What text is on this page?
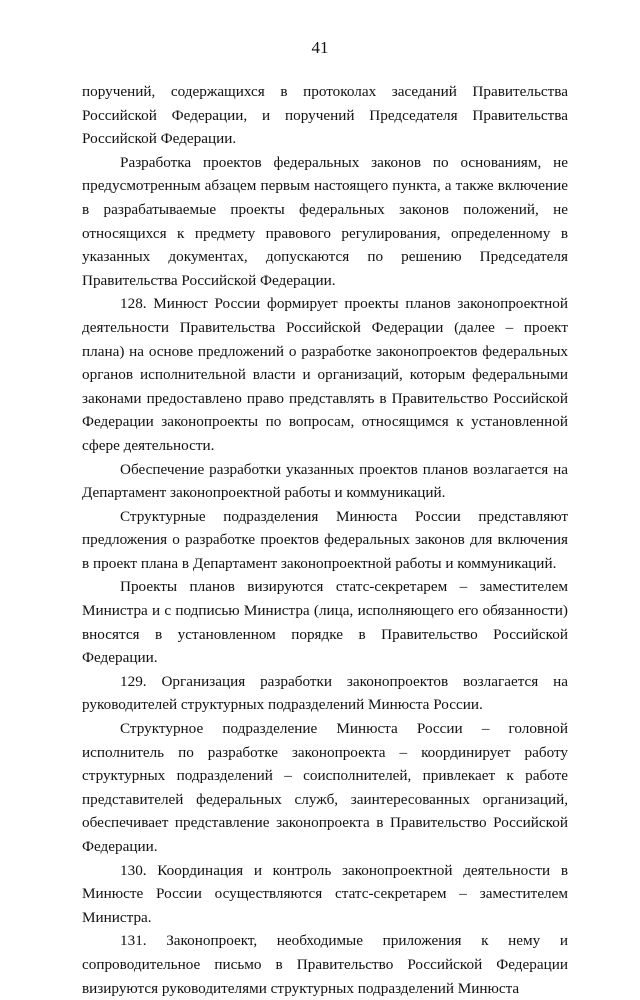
41

поручений, содержащихся в протоколах заседаний Правительства Российской Федерации, и поручений Председателя Правительства Российской Федерации.

Разработка проектов федеральных законов по основаниям, не предусмотренным абзацем первым настоящего пункта, а также включение в разрабатываемые проекты федеральных законов положений, не относящихся к предмету правового регулирования, определенному в указанных документах, допускаются по решению Председателя Правительства Российской Федерации.

128. Минюст России формирует проекты планов законопроектной деятельности Правительства Российской Федерации (далее – проект плана) на основе предложений о разработке законопроектов федеральных органов исполнительной власти и организаций, которым федеральными законами предоставлено право представлять в Правительство Российской Федерации законопроекты по вопросам, относящимся к установленной сфере деятельности.

Обеспечение разработки указанных проектов планов возлагается на Департамент законопроектной работы и коммуникаций.

Структурные подразделения Минюста России представляют предложения о разработке проектов федеральных законов для включения в проект плана в Департамент законопроектной работы и коммуникаций.

Проекты планов визируются статс-секретарем – заместителем Министра и с подписью Министра (лица, исполняющего его обязанности) вносятся в установленном порядке в Правительство Российской Федерации.

129. Организация разработки законопроектов возлагается на руководителей структурных подразделений Минюста России.

Структурное подразделение Минюста России – головной исполнитель по разработке законопроекта – координирует работу структурных подразделений – соисполнителей, привлекает к работе представителей федеральных служб, заинтересованных организаций, обеспечивает представление законопроекта в Правительство Российской Федерации.

130. Координация и контроль законопроектной деятельности в Минюсте России осуществляются статс-секретарем – заместителем Министра.

131. Законопроект, необходимые приложения к нему и сопроводительное письмо в Правительство Российской Федерации визируются руководителями структурных подразделений Минюста
